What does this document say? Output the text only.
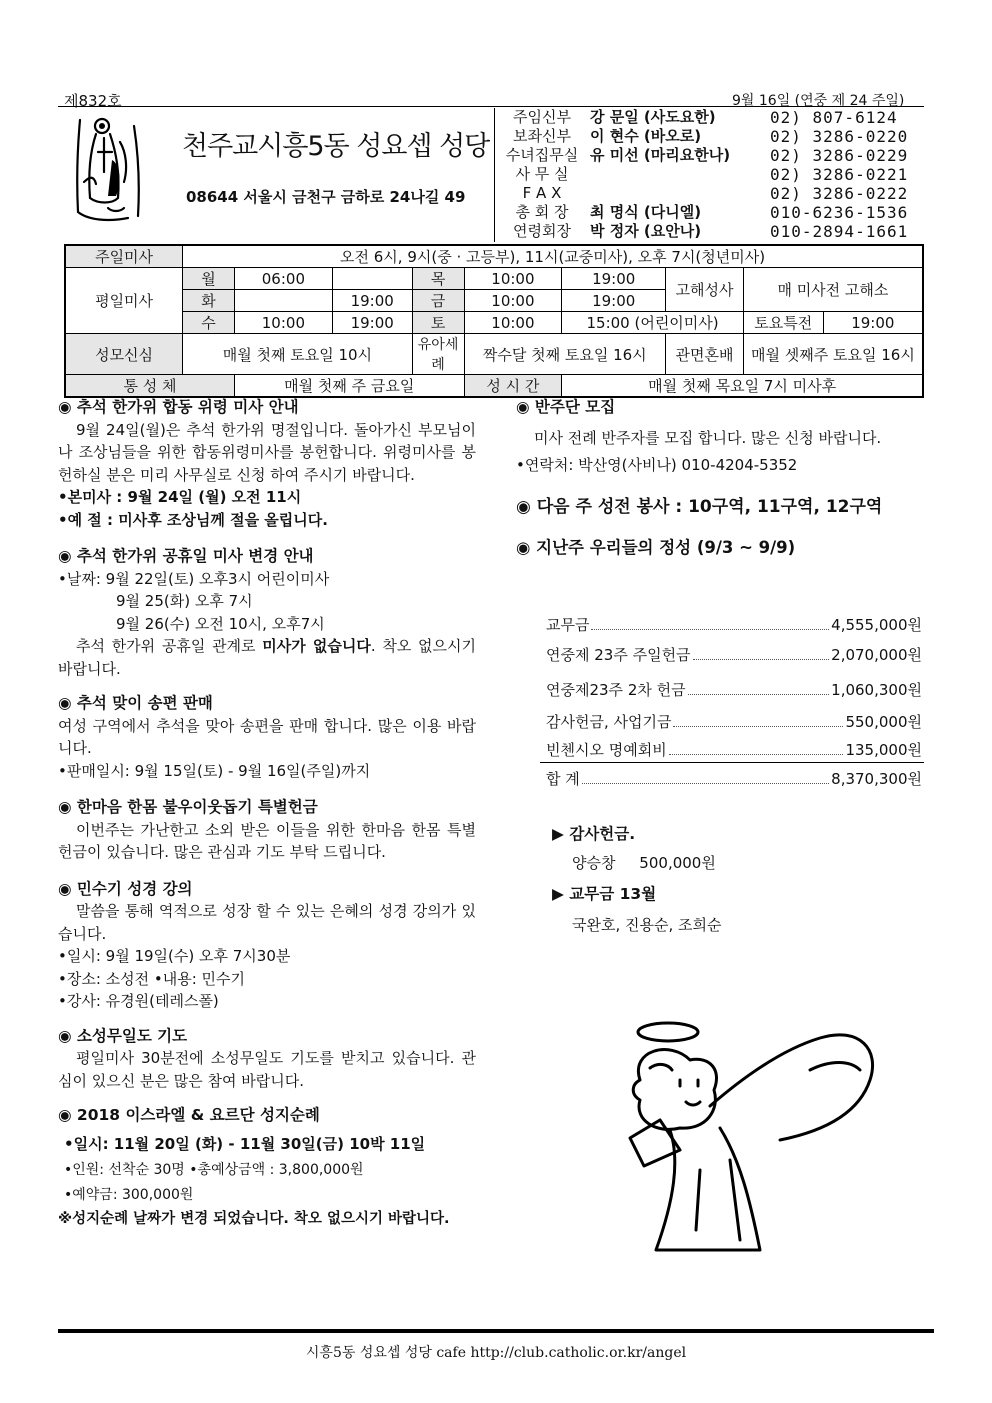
제832호	9월 16일 (연중 제 24 주일)
천주교시흥5동 성요셉 성당
08644 서울시 금천구 금하로 24나길 49
주임신부	강 문일 (사도요한)	02) 807-6124
보좌신부	이 현수 (바오로)	02) 3286-0220
수녀집무실 유 미선 (마리요한나)	02) 3286-0229
사 무 실	02) 3286-0221
F A X	02) 3286-0222
총 회 장	최 명식 (다니엘)	010-6236-1536
연령회장	박 정자 (요안나)	010-2894-1661
주일미사	오전 6시, 9시(중 · 고등부), 11시(교중미사), 오후 7시(청년미사)								
평일미사	월	06:00		목	10:00	19:00	고해성사	매 미사전 고해소	
	화		19:00	금	10:00	19:00			
	수	10:00	19:00	토	10:00	15:00 (어린이미사)		토요특전	19:00
성모신심	매월 첫째 토요일 10시			유아세례	짝수달 첫째 토요일 16시		관면혼배	매월 셋째주 토요일 16시	
통 성 체		매월 첫째 주 금요일			성 시 간	매월 첫째 목요일 7시 미사후			

◉ 추석 한가위 합동 위령 미사 안내

9월 24일(월)은 추석 한가위 명절입니다. 돌아가신 부모님이나 조상님들을 위한 합동위령미사를 봉헌합니다. 위령미사를 봉헌하실 분은 미리 사무실로 신청 하여 주시기 바랍니다.

•본미사 : 9월 24일 (월) 오전 11시

•예 절 : 미사후 조상님께 절을 올립니다.

◉ 추석 한가위 공휴일 미사 변경 안내

•날짜: 9월 22일(토) 오후3시 어린이미사

9월 25(화) 오후 7시

9월 26(수) 오전 10시, 오후7시

추석 한가위 공휴일 관계로 미사가 없습니다. 착오 없으시기 바랍니다.

◉ 추석 맞이 송편 판매

여성 구역에서 추석을 맞아 송편을 판매 합니다. 많은 이용 바랍니다.

•판매일시: 9월 15일(토) - 9월 16일(주일)까지

◉ 한마음 한몸 불우이웃돕기 특별헌금

이번주는 가난한고 소외 받은 이들을 위한 한마음 한몸 특별헌금이 있습니다. 많은 관심과 기도 부탁 드립니다.

◉ 민수기 성경 강의

말씀을 통해 역적으로 성장 할 수 있는 은혜의 성경 강의가 있습니다.

•일시: 9월 19일(수) 오후 7시30분

•장소: 소성전 •내용: 민수기

•강사: 유경원(테레스폴)

◉ 소성무일도 기도

평일미사 30분전에 소성무일도 기도를 받치고 있습니다. 관심이 있으신 분은 많은 참여 바랍니다.

◉ 2018 이스라엘 & 요르단 성지순례

•일시: 11월 20일 (화) - 11월 30일(금) 10박 11일

•인원: 선착순 30명 •총예상금액 : 3,800,000원

•예약금: 300,000원

※성지순례 날짜가 변경 되었습니다. 착오 없으시기 바랍니다.

◉ 반주단 모집

미사 전례 반주자를 모집 합니다. 많은 신청 바랍니다.

•연락처: 박산영(사비나) 010-4204-5352

◉ 다음 주 성전 봉사 : 10구역, 11구역, 12구역

◉ 지난주 우리들의 정성 (9/3 ~ 9/9)

교무금	4,555,000원
연중제 23주 주일헌금	2,070,000원
연중제23주 2차 헌금	1,060,300원
감사헌금, 사업기금	550,000원
빈첸시오 명예회비	135,000원
합 계	8,370,300원
▶ 감사헌금.
양승창     500,000원
▶ 교무금 13월
국완호, 진용순, 조희순
시흥5동 성요셉 성당 cafe http://club.catholic.or.kr/angel
